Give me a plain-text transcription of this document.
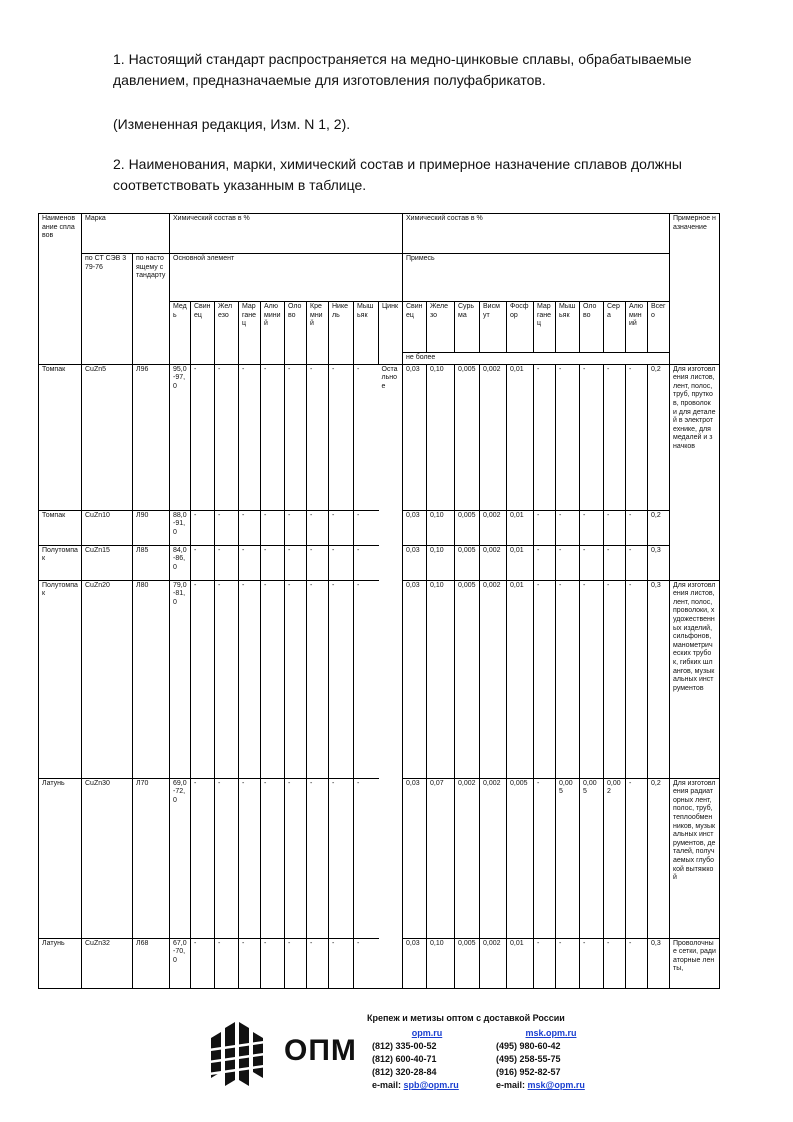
1. Настоящий стандарт распространяется на медно-цинковые сплавы, обрабатываемые давлением, предназначаемые для изготовления полуфабрикатов.
(Измененная редакция, Изм. N 1, 2).
2. Наименования, марки, химический состав и примерное назначение сплавов должны соответствовать указанным в таблице.
Наименование сплавов	Марка		Химический состав в %										Химический состав в %											Примерное назначение
	по СТ СЭВ 379-76	по настоящему стандарту	Основной элемент										Примесь											
			Медь	Свинец	Железо	Марганец	Алюминий	Олово	Кремний	Никель	Мышьяк	Цинк	Свинец	Железо	Сурьма	Висмут	Фосфор	Марганец	Мышьяк	Олово	Сера	Алюминий	Всего	
													не более											
Томпак	CuZn5	Л96	95,0-97,0	-	-	-	-	-	-	-	-	Остальное	0,03	0,10	0,005	0,002	0,01	-	-	-	-	-	0,2	Для изготовления листов, лент, полос, труб, прутков, проволок и для деталей в электротехнике, для медалей и значков
Томпак	CuZn10	Л90	88,0-91,0	-	-	-	-	-	-	-	-		0,03	0,10	0,005	0,002	0,01	-	-	-	-	-	0,2	
Полутомпак	CuZn15	Л85	84,0-86,0	-	-	-	-	-	-	-	-		0,03	0,10	0,005	0,002	0,01	-	-	-	-	-	0,3	
Полутомпак	CuZn20	Л80	79,0-81,0	-	-	-	-	-	-	-	-		0,03	0,10	0,005	0,002	0,01	-	-	-	-	-	0,3	Для изготовления листов, лент, полос, проволоки, художественных изделий, сильфонов, манометрических трубок, гибких шлангов, музыкальных инструментов
Латунь	CuZn30	Л70	69,0-72,0	-	-	-	-	-	-	-	-		0,03	0,07	0,002	0,002	0,005	-	0,005	0,005	0,002	-	0,2	Для изготовления радиаторных лент, полос, труб, теплообменников, музыкальных инструментов, деталей, получаемых глубокой вытяжкой
Латунь	CuZn32	Л68	67,0-70,0	-	-	-	-	-	-	-	-		0,03	0,10	0,005	0,002	0,01	-	-	-	-	-	0,3	Проволочные сетки, радиаторные ленты,
ОПМ
Крепеж и метизы оптом с доставкой России
opm.ru
(812) 335-00-52
(812) 600-40-71
(812) 320-28-84
e-mail: spb@opm.ru
msk.opm.ru
(495) 980-60-42
(495) 258-55-75
(916) 952-82-57
e-mail: msk@opm.ru
